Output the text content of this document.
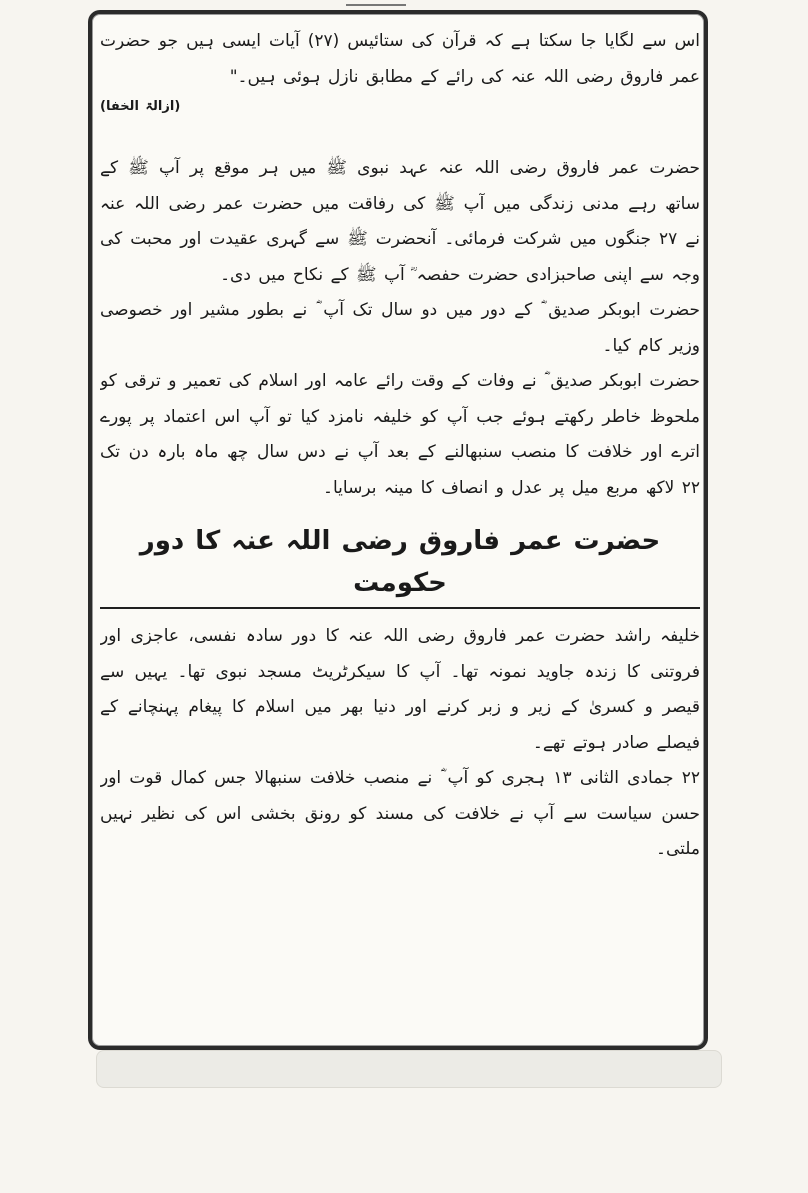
اس سے لگایا جا سکتا ہے کہ قرآن کی ستائیس (۲۷) آیات ایسی ہیں جو حضرت عمر فاروق رضی اللہ عنہ کی رائے کے مطابق نازل ہوئی ہیں۔"

(ازالۃ الخفا)

حضرت عمر فاروق رضی اللہ عنہ عہد نبوی ﷺ میں ہر موقع پر آپ ﷺ کے ساتھ رہے مدنی زندگی میں آپ ﷺ کی رفاقت میں حضرت عمر رضی اللہ عنہ نے ۲۷ جنگوں میں شرکت فرمائی۔ آنحضرت ﷺ سے گہری عقیدت اور محبت کی وجہ سے اپنی صاحبزادی حضرت حفصہ ؓ آپ ﷺ کے نکاح میں دی۔

حضرت ابوبکر صدیق ؓ کے دور میں دو سال تک آپ ؓ نے بطور مشیر اور خصوصی وزیر کام کیا۔

حضرت ابوبکر صدیق ؓ نے وفات کے وقت رائے عامہ اور اسلام کی تعمیر و ترقی کو ملحوظ خاطر رکھتے ہوئے جب آپ کو خلیفہ نامزد کیا تو آپ اس اعتماد پر پورے اترے اور خلافت کا منصب سنبھالنے کے بعد آپ نے دس سال چھ ماہ بارہ دن تک ۲۲ لاکھ مربع میل پر عدل و انصاف کا مینہ برسایا۔

حضرت عمر فاروق رضی اللہ عنہ کا دور حکومت

خلیفہ راشد حضرت عمر فاروق رضی اللہ عنہ کا دور سادہ نفسی، عاجزی اور فروتنی کا زندہ جاوید نمونہ تھا۔ آپ کا سیکرٹریٹ مسجد نبوی تھا۔ یہیں سے قیصر و کسریٰ کے زیر و زبر کرنے اور دنیا بھر میں اسلام کا پیغام پہنچانے کے فیصلے صادر ہوتے تھے۔

۲۲ جمادی الثانی ۱۳ ہجری کو آپ ؓ نے منصب خلافت سنبھالا جس کمال قوت اور حسن سیاست سے آپ نے خلافت کی مسند کو رونق بخشی اس کی نظیر نہیں ملتی۔
